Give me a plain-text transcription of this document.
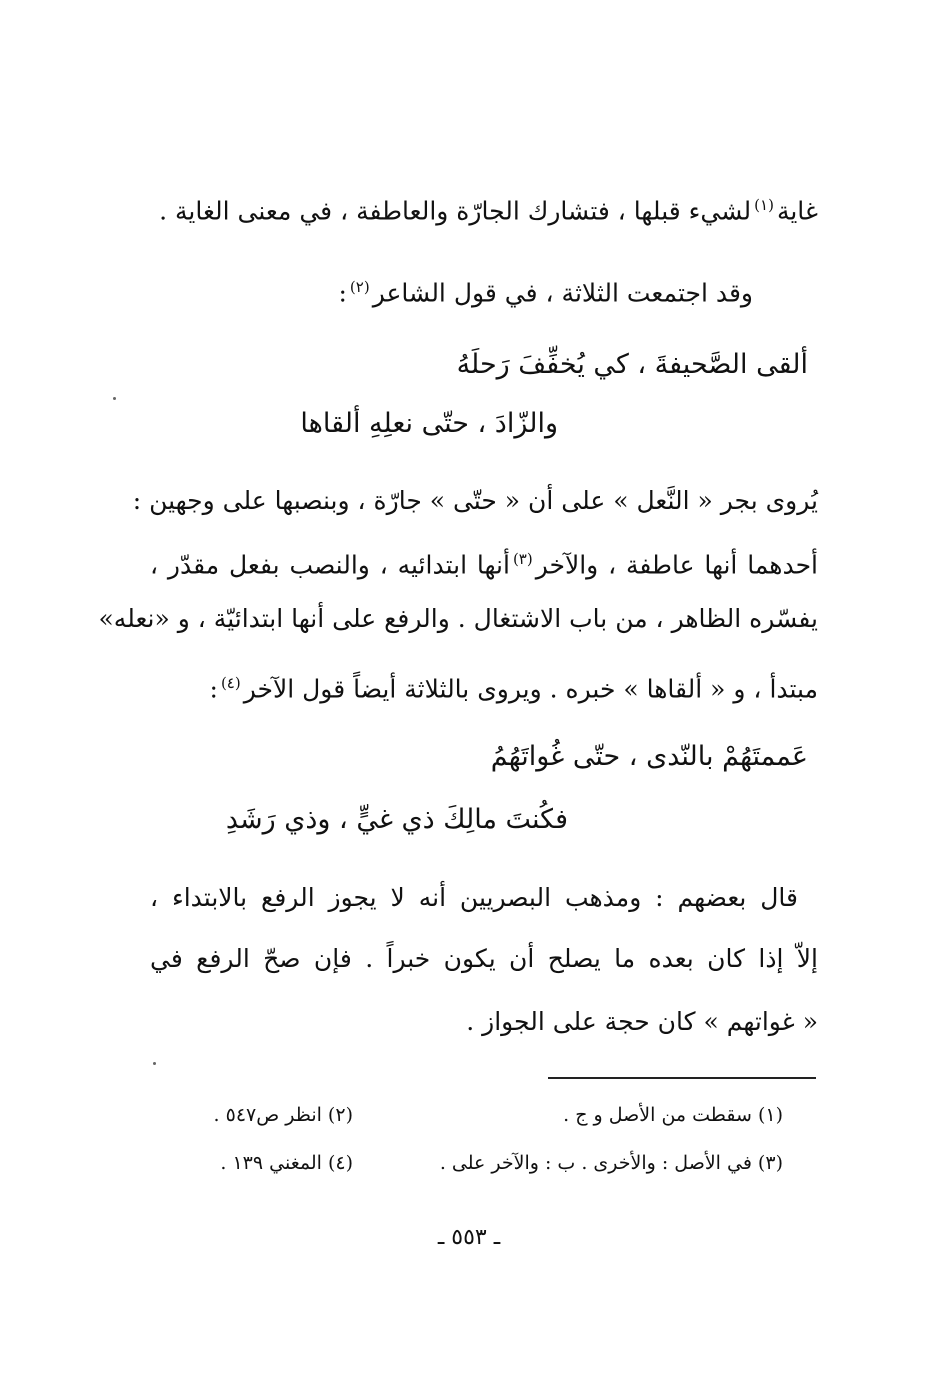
غاية$^{(١)}$لشيء قبلها ، فتشارك الجارّة والعاطفة ، في معنى الغاية .
وقد اجتمعت الثلاثة ، في قول الشاعر$^{(٢)}$:
ألقى الصَّحيفةَ ، كي يُخفِّفَ رَحلَهُ
والزّادَ ، حتّى نعلِهِ ألقاها
يُروى بجر « النَّعل » على أن « حتّى » جارّة ، وبنصبها على وجهين :
أحدهما أنها عاطفة ، والآخر$^{(٣)}$أنها ابتدائيه ، والنصب بفعل مقدّر ،
يفسّره الظاهر ، من باب الاشتغال . والرفع على أنها ابتدائيّة ، و «نعله»
مبتدأ ، و « ألقاها » خبره . ويروى بالثلاثة أيضاً قول الآخر$^{(٤)}$:
عَممتَهُمْ بالنّدى ، حتّى غُواتَهُمُ
فكُنتَ مالِكَ ذي غيٍّ ، وذي رَشَدِ
قال بعضهم : ومذهب البصريين أنه لا يجوز الرفع بالابتداء ،
إلاّ إذا كان بعده ما يصلح أن يكون خبراً . فإن صحّ الرفع في
« غواتهم » كان حجة على الجواز .
(١) سقطت من الأصل و ج .
(٢) انظر ص٥٤٧ .
(٣) في الأصل : والأخرى . ب : والآخر على .
(٤) المغني ١٣٩ .
ـ ٥٥٣ ـ
